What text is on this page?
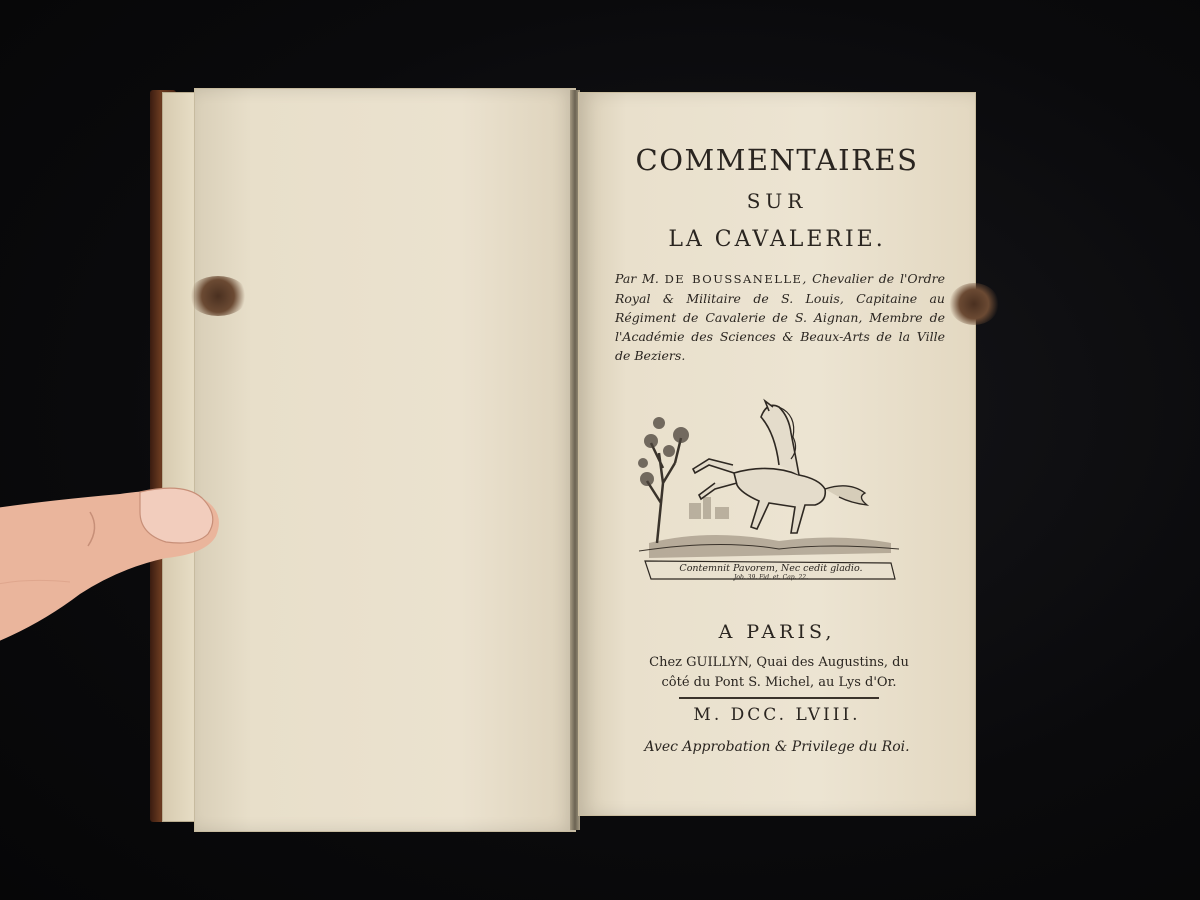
COMMENTAIRES
SUR
LA CAVALERIE.
Par M. DE BOUSSANELLE, Chevalier de l'Ordre Royal & Militaire de S. Louis, Capitaine au Régiment de Cavalerie de S. Aignan, Membre de l'Académie des Sciences & Beaux-Arts de la Ville de Beziers.
Contemnit Pavorem, Nec cedit gladio.
Job. 39. Fid. et. Cap. 22.
A PARIS,
Chez GUILLYN, Quai des Augustins, du
côté du Pont S. Michel, au Lys d'Or.
M. DCC. LVIII.
Avec Approbation & Privilege du Roi.
